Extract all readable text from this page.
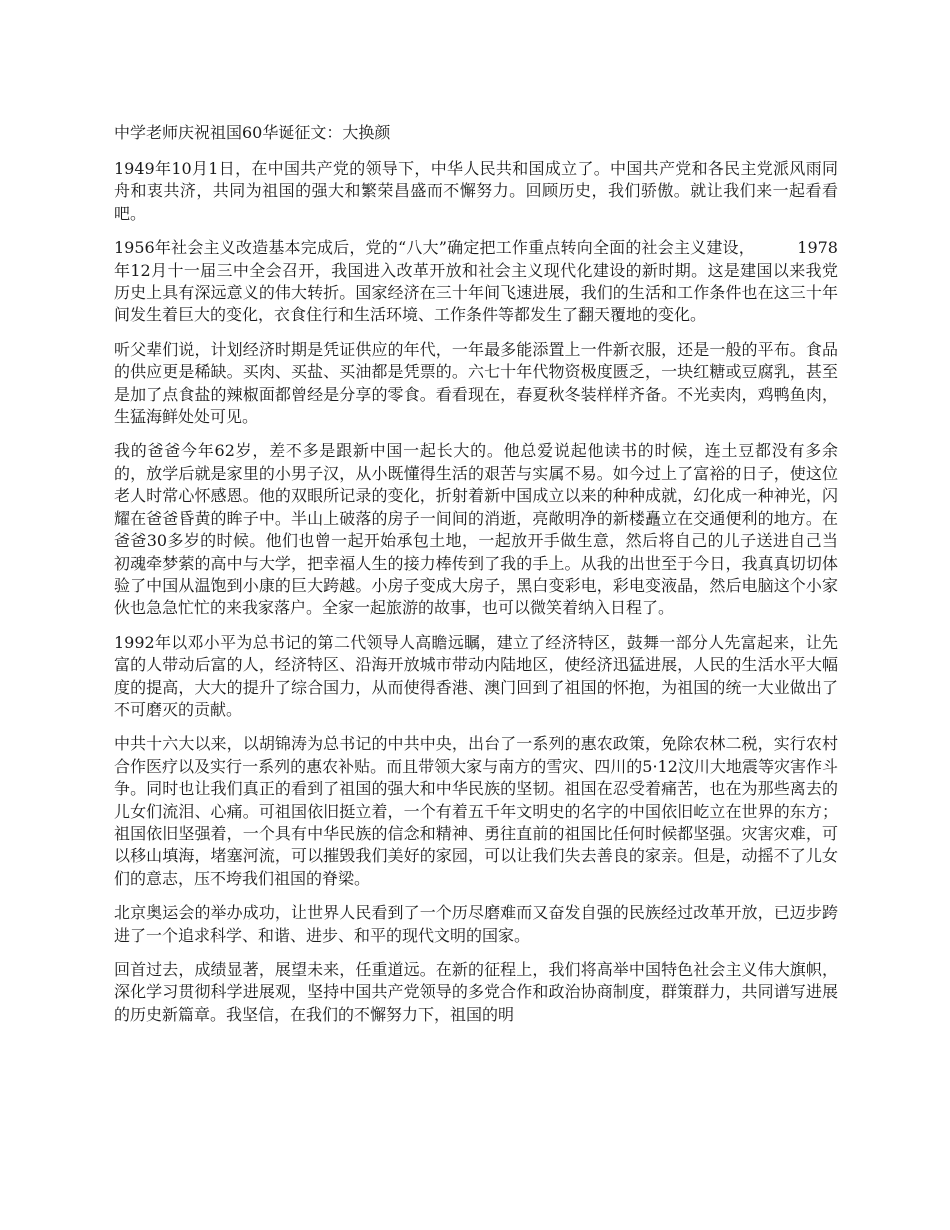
中学老师庆祝祖国60华诞征文：大换颜

1949年10月1日，在中国共产党的领导下，中华人民共和国成立了。中国共产党和各民主党派风雨同舟和衷共济，共同为祖国的强大和繁荣昌盛而不懈努力。回顾历史，我们骄傲。就让我们来一起看看吧。

1956年社会主义改造基本完成后，党的“八大”确定把工作重点转向全面的社会主义建设，        1978年12月十一届三中全会召开，我国进入改革开放和社会主义现代化建设的新时期。这是建国以来我党历史上具有深远意义的伟大转折。国家经济在三十年间飞速进展，我们的生活和工作条件也在这三十年间发生着巨大的变化，衣食住行和生活环境、工作条件等都发生了翻天覆地的变化。

听父辈们说，计划经济时期是凭证供应的年代，一年最多能添置上一件新衣服，还是一般的平布。食品的供应更是稀缺。买肉、买盐、买油都是凭票的。六七十年代物资极度匮乏，一块红糖或豆腐乳，甚至是加了点食盐的辣椒面都曾经是分享的零食。看看现在，春夏秋冬装样样齐备。不光卖肉，鸡鸭鱼肉，生猛海鲜处处可见。

我的爸爸今年62岁，差不多是跟新中国一起长大的。他总爱说起他读书的时候，连土豆都没有多余的，放学后就是家里的小男子汉，从小既懂得生活的艰苦与实属不易。如今过上了富裕的日子，使这位老人时常心怀感恩。他的双眼所记录的变化，折射着新中国成立以来的种种成就，幻化成一种神光，闪耀在爸爸昏黄的眸子中。半山上破落的房子一间间的消逝，亮敞明净的新楼矗立在交通便利的地方。在爸爸30多岁的时候。他们也曾一起开始承包土地，一起放开手做生意，然后将自己的儿子送进自己当初魂牵梦萦的高中与大学，把幸福人生的接力棒传到了我的手上。从我的出世至于今日，我真真切切体验了中国从温饱到小康的巨大跨越。小房子变成大房子，黑白变彩电，彩电变液晶，然后电脑这个小家伙也急急忙忙的来我家落户。全家一起旅游的故事，也可以微笑着纳入日程了。

1992年以邓小平为总书记的第二代领导人高瞻远瞩，建立了经济特区，鼓舞一部分人先富起来，让先富的人带动后富的人，经济特区、沿海开放城市带动内陆地区，使经济迅猛进展，人民的生活水平大幅度的提高，大大的提升了综合国力，从而使得香港、澳门回到了祖国的怀抱，为祖国的统一大业做出了不可磨灭的贡献。

中共十六大以来，以胡锦涛为总书记的中共中央，出台了一系列的惠农政策，免除农林二税，实行农村合作医疗以及实行一系列的惠农补贴。而且带领大家与南方的雪灾、四川的5·12汶川大地震等灾害作斗争。同时也让我们真正的看到了祖国的强大和中华民族的坚韧。祖国在忍受着痛苦，也在为那些离去的儿女们流泪、心痛。可祖国依旧挺立着，一个有着五千年文明史的名字的中国依旧屹立在世界的东方；祖国依旧坚强着，一个具有中华民族的信念和精神、勇往直前的祖国比任何时候都坚强。灾害灾难，可以移山填海，堵塞河流，可以摧毁我们美好的家园，可以让我们失去善良的家亲。但是，动摇不了儿女们的意志，压不垮我们祖国的脊梁。

北京奥运会的举办成功，让世界人民看到了一个历尽磨难而又奋发自强的民族经过改革开放，已迈步跨进了一个追求科学、和谐、进步、和平的现代文明的国家。

回首过去，成绩显著，展望未来，任重道远。在新的征程上，我们将高举中国特色社会主义伟大旗帜，深化学习贯彻科学进展观，坚持中国共产党领导的多党合作和政治协商制度，群策群力，共同谱写进展的历史新篇章。我坚信，在我们的不懈努力下，祖国的明
